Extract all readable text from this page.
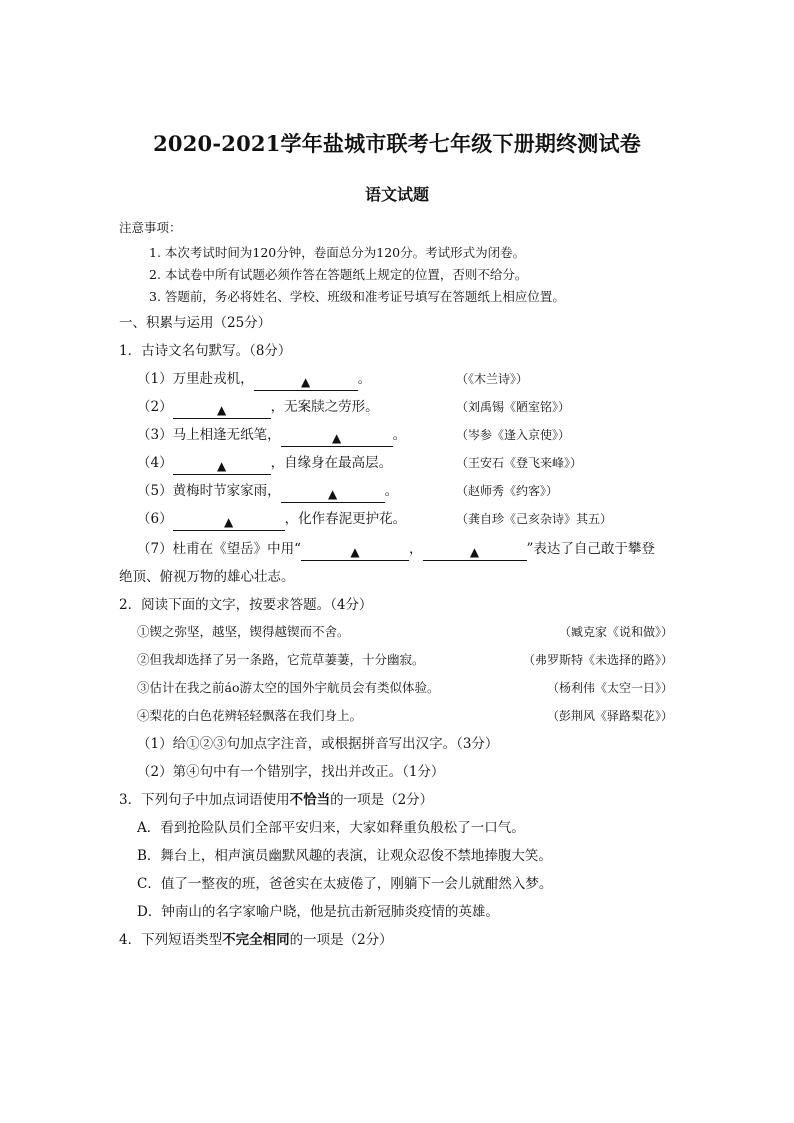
2020-2021学年盐城市联考七年级下册期终测试卷
语文试题
注意事项：
1. 本次考试时间为120分钟，卷面总分为120分。考试形式为闭卷。
2. 本试卷中所有试题必须作答在答题纸上规定的位置，否则不给分。
3. 答题前，务必将姓名、学校、班级和准考证号填写在答题纸上相应位置。
一、积累与运用（25分）
1．古诗文名句默写。（8分）
（1）万里赴戎机，	▲	。	（《木兰诗》）
（2）	▲	，无案牍之劳形。	（刘禹锡《陋室铭》）
（3）马上相逢无纸笔，	▲	。	（岑参《逢入京使》）
（4）	▲	，自缘身在最高层。	（王安石《登飞来峰》）
（5）黄梅时节家家雨，	▲	。	（赵师秀《约客》）
（6）	▲	，化作春泥更护花。	（龚自珍《己亥杂诗》其五）
（7）杜甫在《望岳》中用“	▲	，	▲	”表达了自己敢于攀登
绝顶、俯视万物的雄心壮志。
2．阅读下面的文字，按要求答题。（4分）
①锲之弥坚，越坚，锲得越锲而不舍。	（臧克家《说和做》）
②但我却选择了另一条路，它荒草萋萋，十分幽寂。	（弗罗斯特《未选择的路》）
③估计在我之前áo游太空的国外宇航员会有类似体验。	（杨利伟《太空一日》）
④梨花的白色花辨轻轻飘落在我们身上。	（彭荆风《驿路梨花》）
（1）给①②③句加点字注音，或根据拼音写出汉字。（3分）
（2）第④句中有一个错别字，找出并改正。（1分）
3．下列句子中加点词语使用不恰当的一项是（2分）
A．看到抢险队员们全部平安归来，大家如释重负般松了一口气。
B．舞台上，相声演员幽默风趣的表演，让观众忍俊不禁地捧腹大笑。
C．值了一整夜的班，爸爸实在太疲倦了，刚躺下一会儿就酣然入梦。
D．钟南山的名字家喻户晓，他是抗击新冠肺炎疫情的英雄。
4．下列短语类型不完全相同的一项是（2分）
